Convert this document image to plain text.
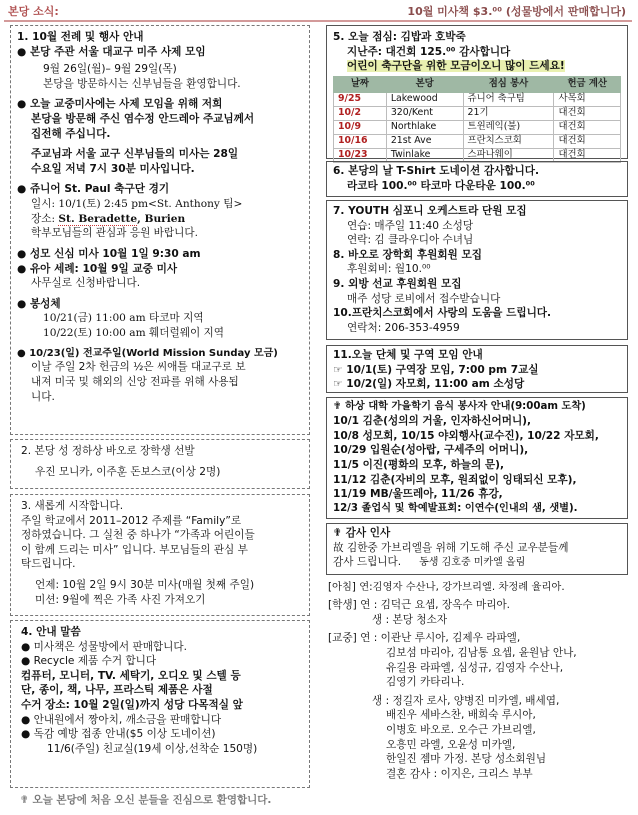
본당 소식:	10월 미사책 $3.⁰⁰ (성물방에서 판매합니다)
1. 10월 전례 및 행사 안내
● 본당 주관 서울 대교구 미주 사제 모임
9월 26일(월)– 9월 29일(목)
본당을 방문하시는 신부님들을 환영합니다.
● 오늘 교중미사에는 사제 모임을 위해 저희
본당을 방문해 주신 염수정 안드레아 주교님께서
집전해 주십니다.
주교님과 서울 교구 신부님들의 미사는 28일
수요일 저녁 7시 30분 미사입니다.
● 쥬니어 St. Paul 축구단 경기
일시: 10/1(토) 2:45 pm<St. Anthony 팀>
장소: St. Beradette, Burien
학부모님들의 관심과 응원 바랍니다.
● 성모 신심 미사 10월 1일 9:30 am
● 유아 세례: 10월 9일 교중 미사
사무실로 신청바랍니다.
● 봉성체
10/21(금) 11:00 am 타코마 지역
10/22(토) 10:00 am 훼더럴웨이 지역
● 10/23(일) 전교주일(World Mission Sunday 모금)
이날 주일 2차 헌금의 ½은 씨애틀 대교구로 보
내져 미국 및 해외의 신앙 전파를 위해 사용됩
니다.
2. 본당 성 정하상 바오로 장학생 선발
우진 모니카, 이주훈 돈보스코(이상 2명)
3. 새롭게 시작합니다.
주일 학교에서 2011–2012 주제를 “Family”로
정하였습니다. 그 실천 중 하나가 “가족과 어린이들
이 함께 드리는 미사” 입니다. 부모님들의 관심 부
탁드립니다.
언제: 10월 2일 9시 30분 미사(매월 첫째 주일)
미션: 9월에 찍은 가족 사진 가져오기
4. 안내 말씀
● 미사책은 성물방에서 판매합니다.
● Recycle 제품 수거 합니다
컴퓨터, 모니터, TV. 세탁기, 오디오 및 스텔 등
단, 종이, 책, 나무, 프라스틱 제품은 사절
수거 장소: 10월 2일(일)까지 성당 다목적실 앞
● 안내원에서 짱아치, 깨소금을 판매합니다
● 독감 예방 접종 안내($5 이상 도네이션)
11/6(주일) 친교실(19세 이상,선착순 150명)
5. 오늘 점심: 김밥과 호박죽
지난주: 대건회 125.⁰⁰ 감사합니다
어린이 축구단을 위한 모금이오니 많이 드세요!
날짜	본당	점심 봉사	헌금 계산
9/25	Lakewood	쥬니어 축구팀	사목회
10/2	320/Kent	21기	대건회
10/9	Northlake	트윈레익(불)	대건회
10/16	21st Ave	프란치스코회	대건회
10/23	Twinlake	스파나웨이	대건회
6. 본당의 날 T-Shirt 도네이션 감사합니다.
라코타 100.⁰⁰ 타코마 다운타운 100.⁰⁰
7. YOUTH 심포니 오케스트라 단원 모집
연습: 매주일 11:40 소성당
연락: 김 클라우디아 수녀님
8. 바오로 장학회 후원회원 모집
후원회비: 월10.⁰⁰
9. 외방 선교 후원회원 모집
매주 성당 로비에서 접수받습니다
10.프란치스코회에서 사랑의 도움을 드립니다.
연락처: 206-353-4959
11.오늘 단체 및 구역 모임 안내
☞ 10/1(토) 구역장 모임, 7:00 pm 7교실
☞ 10/2(일) 자모회, 11:00 am 소성당
✟ 하상 대학 가을학기 음식 봉사자 안내(9:00am 도착)
10/1 김춘(성의의 거울, 인자하신어머니),
10/8 성모회, 10/15 야외행사(교수진), 10/22 자모회,
10/29 입원순(성아랍, 구세주의 어머니),
11/5 이진(평화의 모후, 하늘의 문),
11/12 김춘(자비의 모후, 원죄없이 잉태되신 모후),
11/19 MB/울뜨레아, 11/26 휴강,
12/3 졸업식 및 학예발표회: 이연수(인내의 샘, 샛별).
✟ 감사 인사
故 김한중 가브리엘을 위해 기도해 주신 교우분들께
감사 드립니다. 동생 김호중 미카엘 올림
[아침] 연:김영자 수산나, 강가브리엘. 차정례 율리아.
[학생] 연 : 김덕근 요셉, 장옥수 마리아.
생 : 본당 청소자
[교중] 연 : 이관난 루시아, 김제우 라파엘,
김보섬 마리아, 김남통 요셉, 윤원남 안나,
유길용 라파엘, 심성규, 김영자 수산나,
김영기 카타리나.
생 : 정길자 로사, 양병진 미카엘, 배세엽,
배진우 세바스찬, 배희숙 루시아,
이병호 바오로. 오수근 가브리엘,
오흥민 라엘, 오윤성 미카엘,
한일진 젬마 가정. 본당 성소회원님
결혼 감사 : 이지은, 크리스 부부
✟ 오늘 본당에 처음 오신 분들을 진심으로 환영합니다.
